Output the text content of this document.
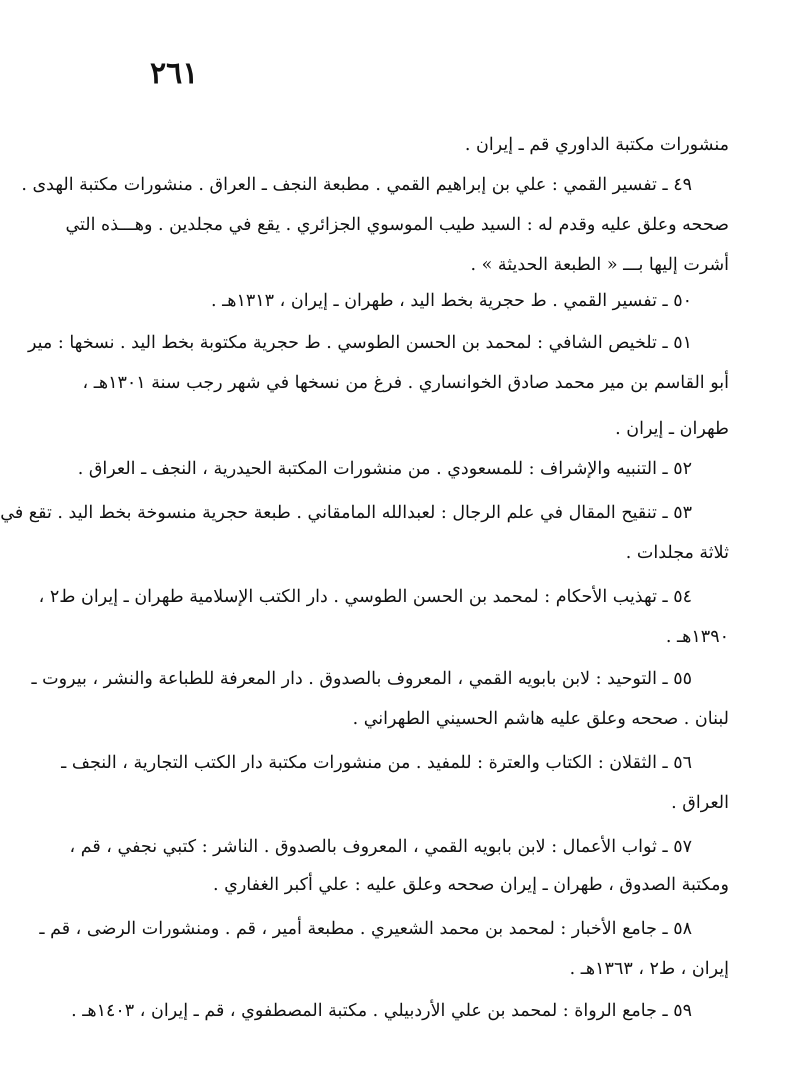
٢٦١
منشورات مكتبة الداوري قم ـ إيران .
٤٩ ـ تفسير القمي : علي بن إبراهيم القمي . مطبعة النجف ـ العراق . منشورات مكتبة الهدى .
صححه وعلق عليه وقدم له : السيد طيب الموسوي الجزائري . يقع في مجلدين . وهـــذه التي
أشرت إليها بـــ « الطبعة الحديثة » .
٥٠ ـ تفسير القمي . ط حجرية بخط اليد ، طهران ـ إيران ، ١٣١٣هـ .
٥١ ـ تلخيص الشافي : لمحمد بن الحسن الطوسي . ط حجرية مكتوبة بخط اليد . نسخها : مير
أبو القاسم بن مير محمد صادق الخوانساري . فرغ من نسخها في شهر رجب سنة ١٣٠١هـ ،
طهران ـ إيران .
٥٢ ـ التنبيه والإشراف : للمسعودي . من منشورات المكتبة الحيدرية ، النجف ـ العراق .
٥٣ ـ تنقيح المقال في علم الرجال : لعبدالله المامقاني . طبعة حجرية منسوخة بخط اليد . تقع في
ثلاثة مجلدات .
٥٤ ـ تهذيب الأحكام : لمحمد بن الحسن الطوسي . دار الكتب الإسلامية طهران ـ إيران ط٢ ،
١٣٩٠هـ .
٥٥ ـ التوحيد : لابن بابويه القمي ، المعروف بالصدوق . دار المعرفة للطباعة والنشر ، بيروت ـ
لبنان . صححه وعلق عليه هاشم الحسيني الطهراني .
٥٦ ـ الثقلان : الكتاب والعترة : للمفيد . من منشورات مكتبة دار الكتب التجارية ، النجف ـ
العراق .
٥٧ ـ ثواب الأعمال : لابن بابويه القمي ، المعروف بالصدوق . الناشر : كتبي نجفي ، قم ،
ومكتبة الصدوق ، طهران ـ إيران صححه وعلق عليه : علي أكبر الغفاري .
٥٨ ـ جامع الأخبار : لمحمد بن محمد الشعيري . مطبعة أمير ، قم . ومنشورات الرضى ، قم ـ
إيران ، ط٢ ، ١٣٦٣هـ .
٥٩ ـ جامع الرواة : لمحمد بن علي الأردبيلي . مكتبة المصطفوي ، قم ـ إيران ، ١٤٠٣هـ .
